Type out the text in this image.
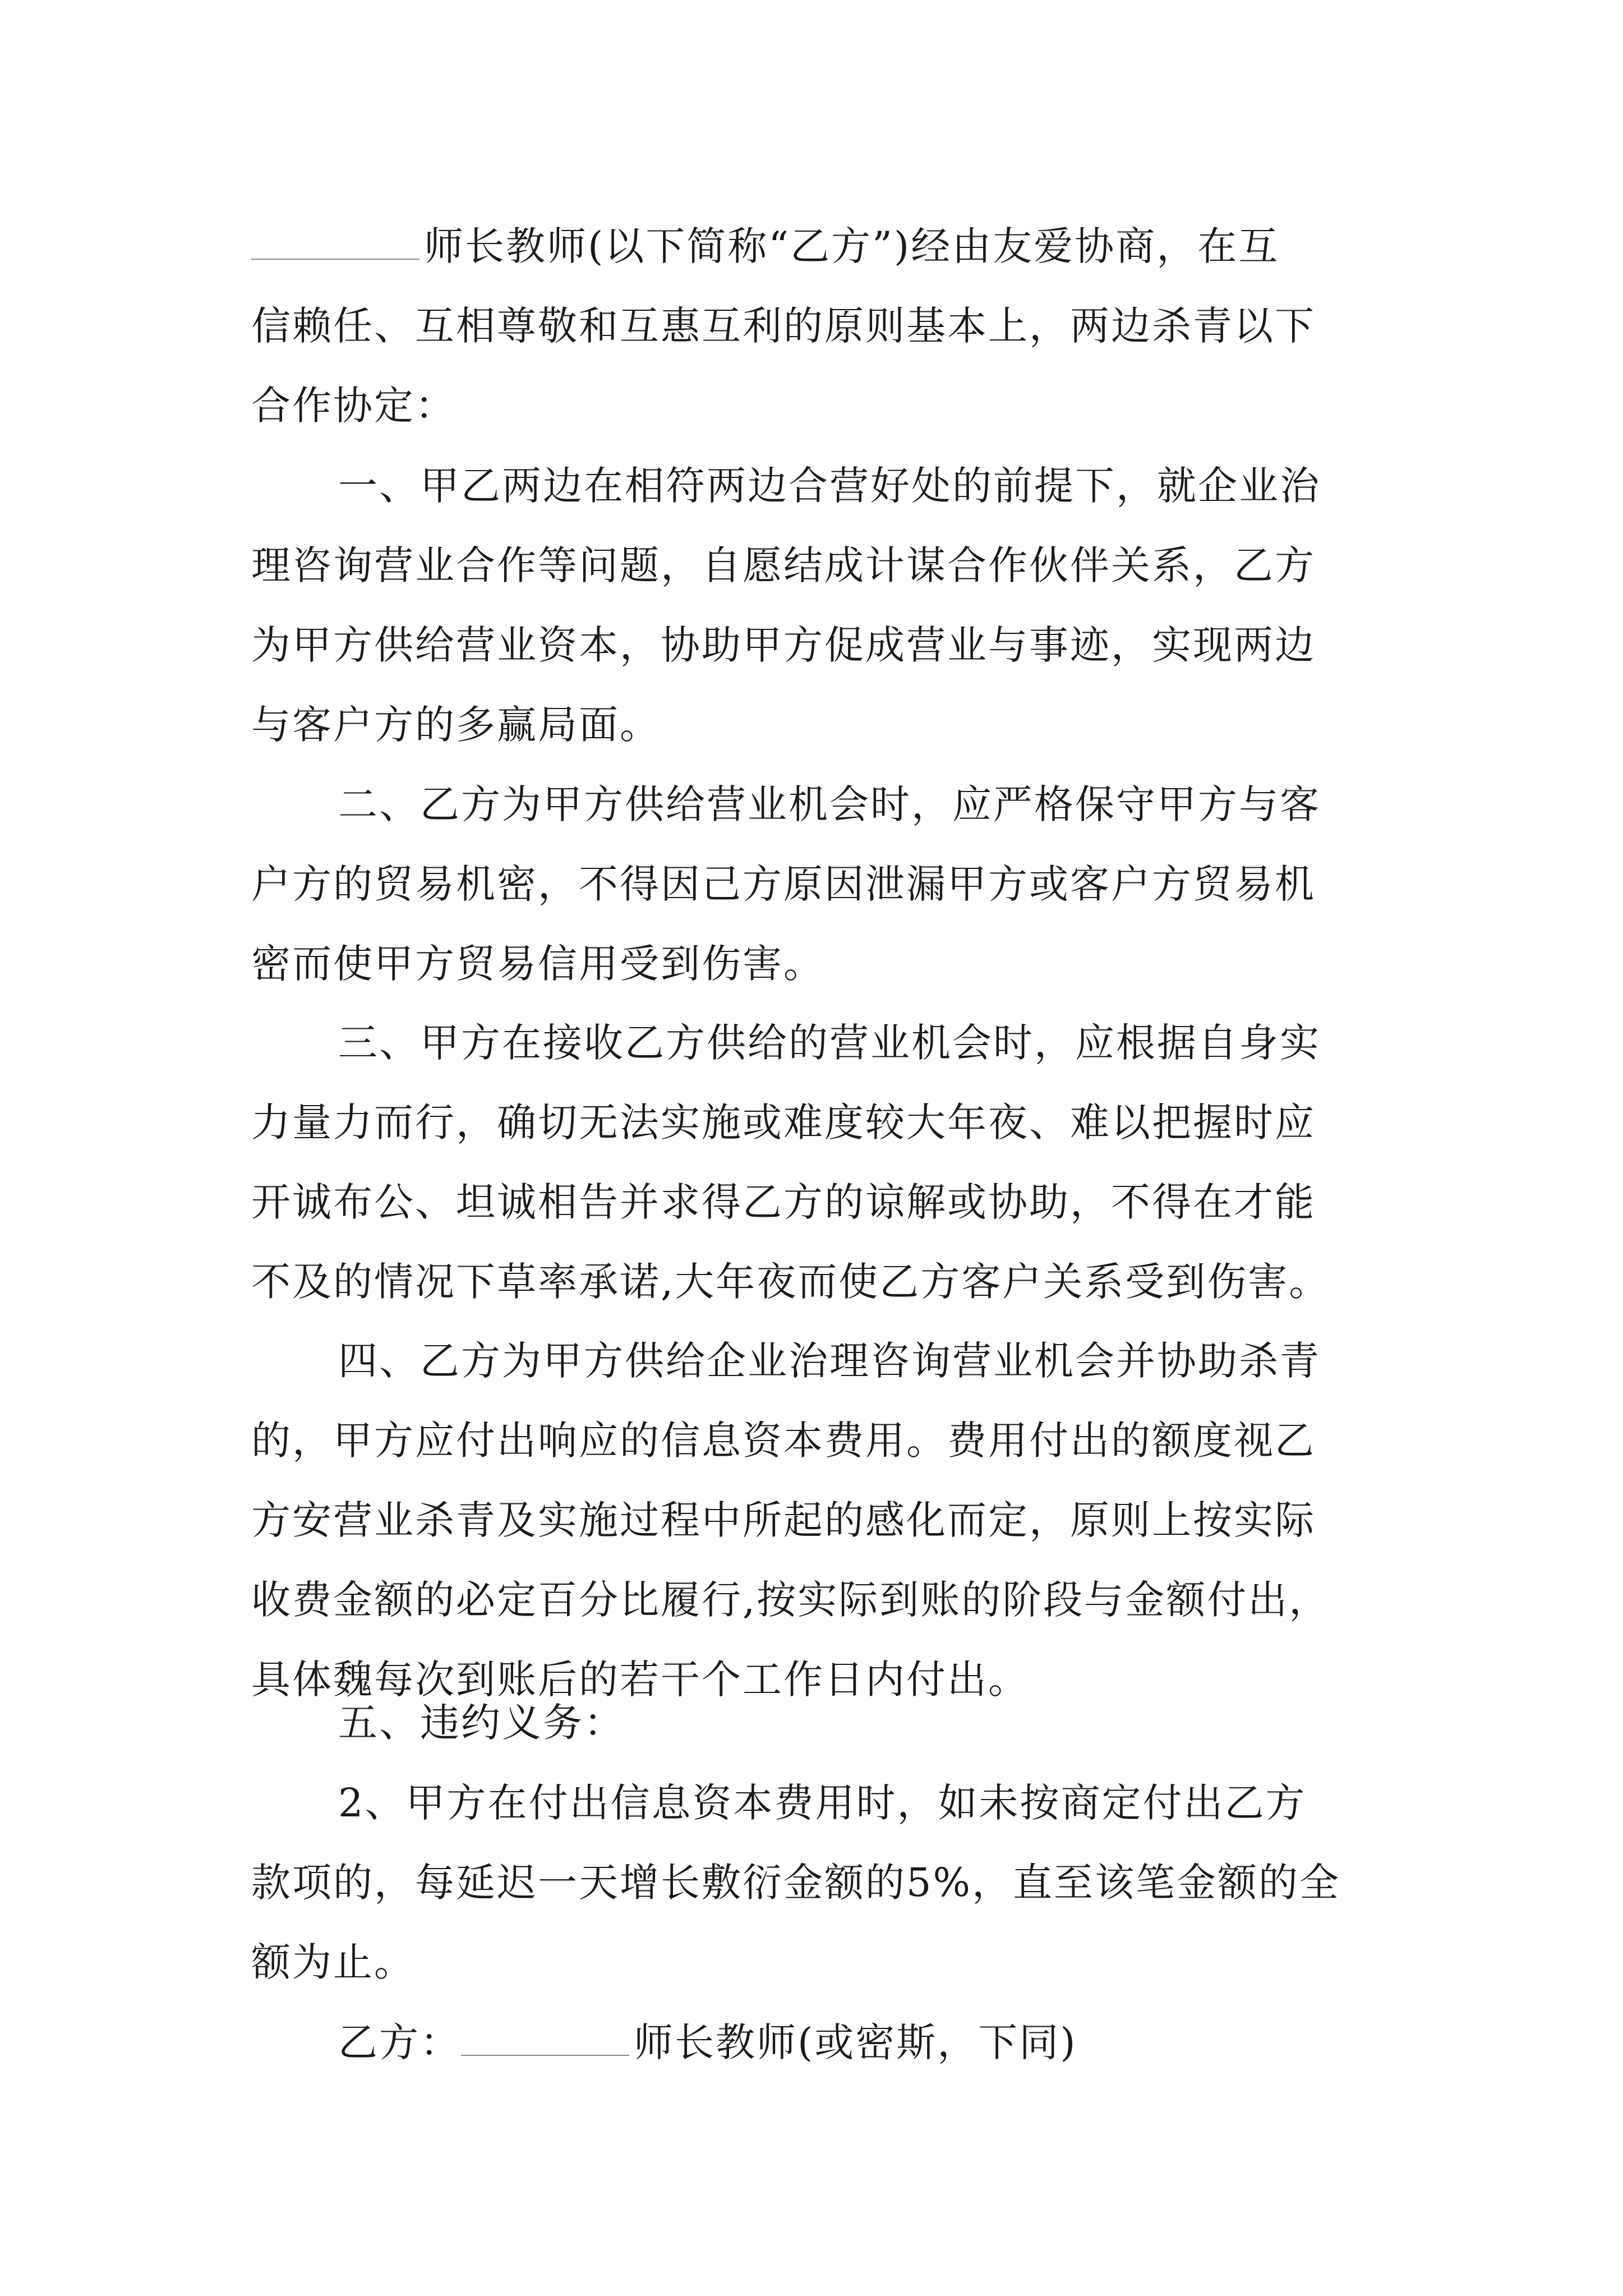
师长教师(以下简称“乙方”)经由友爱协商，在互
信赖任、互相尊敬和互惠互利的原则基本上，两边杀青以下
合作协定：
一、甲乙两边在相符两边合营好处的前提下，就企业治
理咨询营业合作等问题，自愿结成计谋合作伙伴关系，乙方
为甲方供给营业资本，协助甲方促成营业与事迹，实现两边
与客户方的多赢局面。
二、乙方为甲方供给营业机会时，应严格保守甲方与客
户方的贸易机密，不得因己方原因泄漏甲方或客户方贸易机
密而使甲方贸易信用受到伤害。
三、甲方在接收乙方供给的营业机会时，应根据自身实
力量力而行，确切无法实施或难度较大年夜、难以把握时应
开诚布公、坦诚相告并求得乙方的谅解或协助，不得在才能
不及的情况下草率承诺,大年夜而使乙方客户关系受到伤害。
四、乙方为甲方供给企业治理咨询营业机会并协助杀青
的，甲方应付出响应的信息资本费用。费用付出的额度视乙
方安营业杀青及实施过程中所起的感化而定，原则上按实际
收费金额的必定百分比履行,按实际到账的阶段与金额付出，
具体魏每次到账后的若干个工作日内付出。
五、违约义务：
2、甲方在付出信息资本费用时，如未按商定付出乙方
款项的，每延迟一天增长敷衍金额的5%，直至该笔金额的全
额为止。
乙方：	师长教师(或密斯，下同)
